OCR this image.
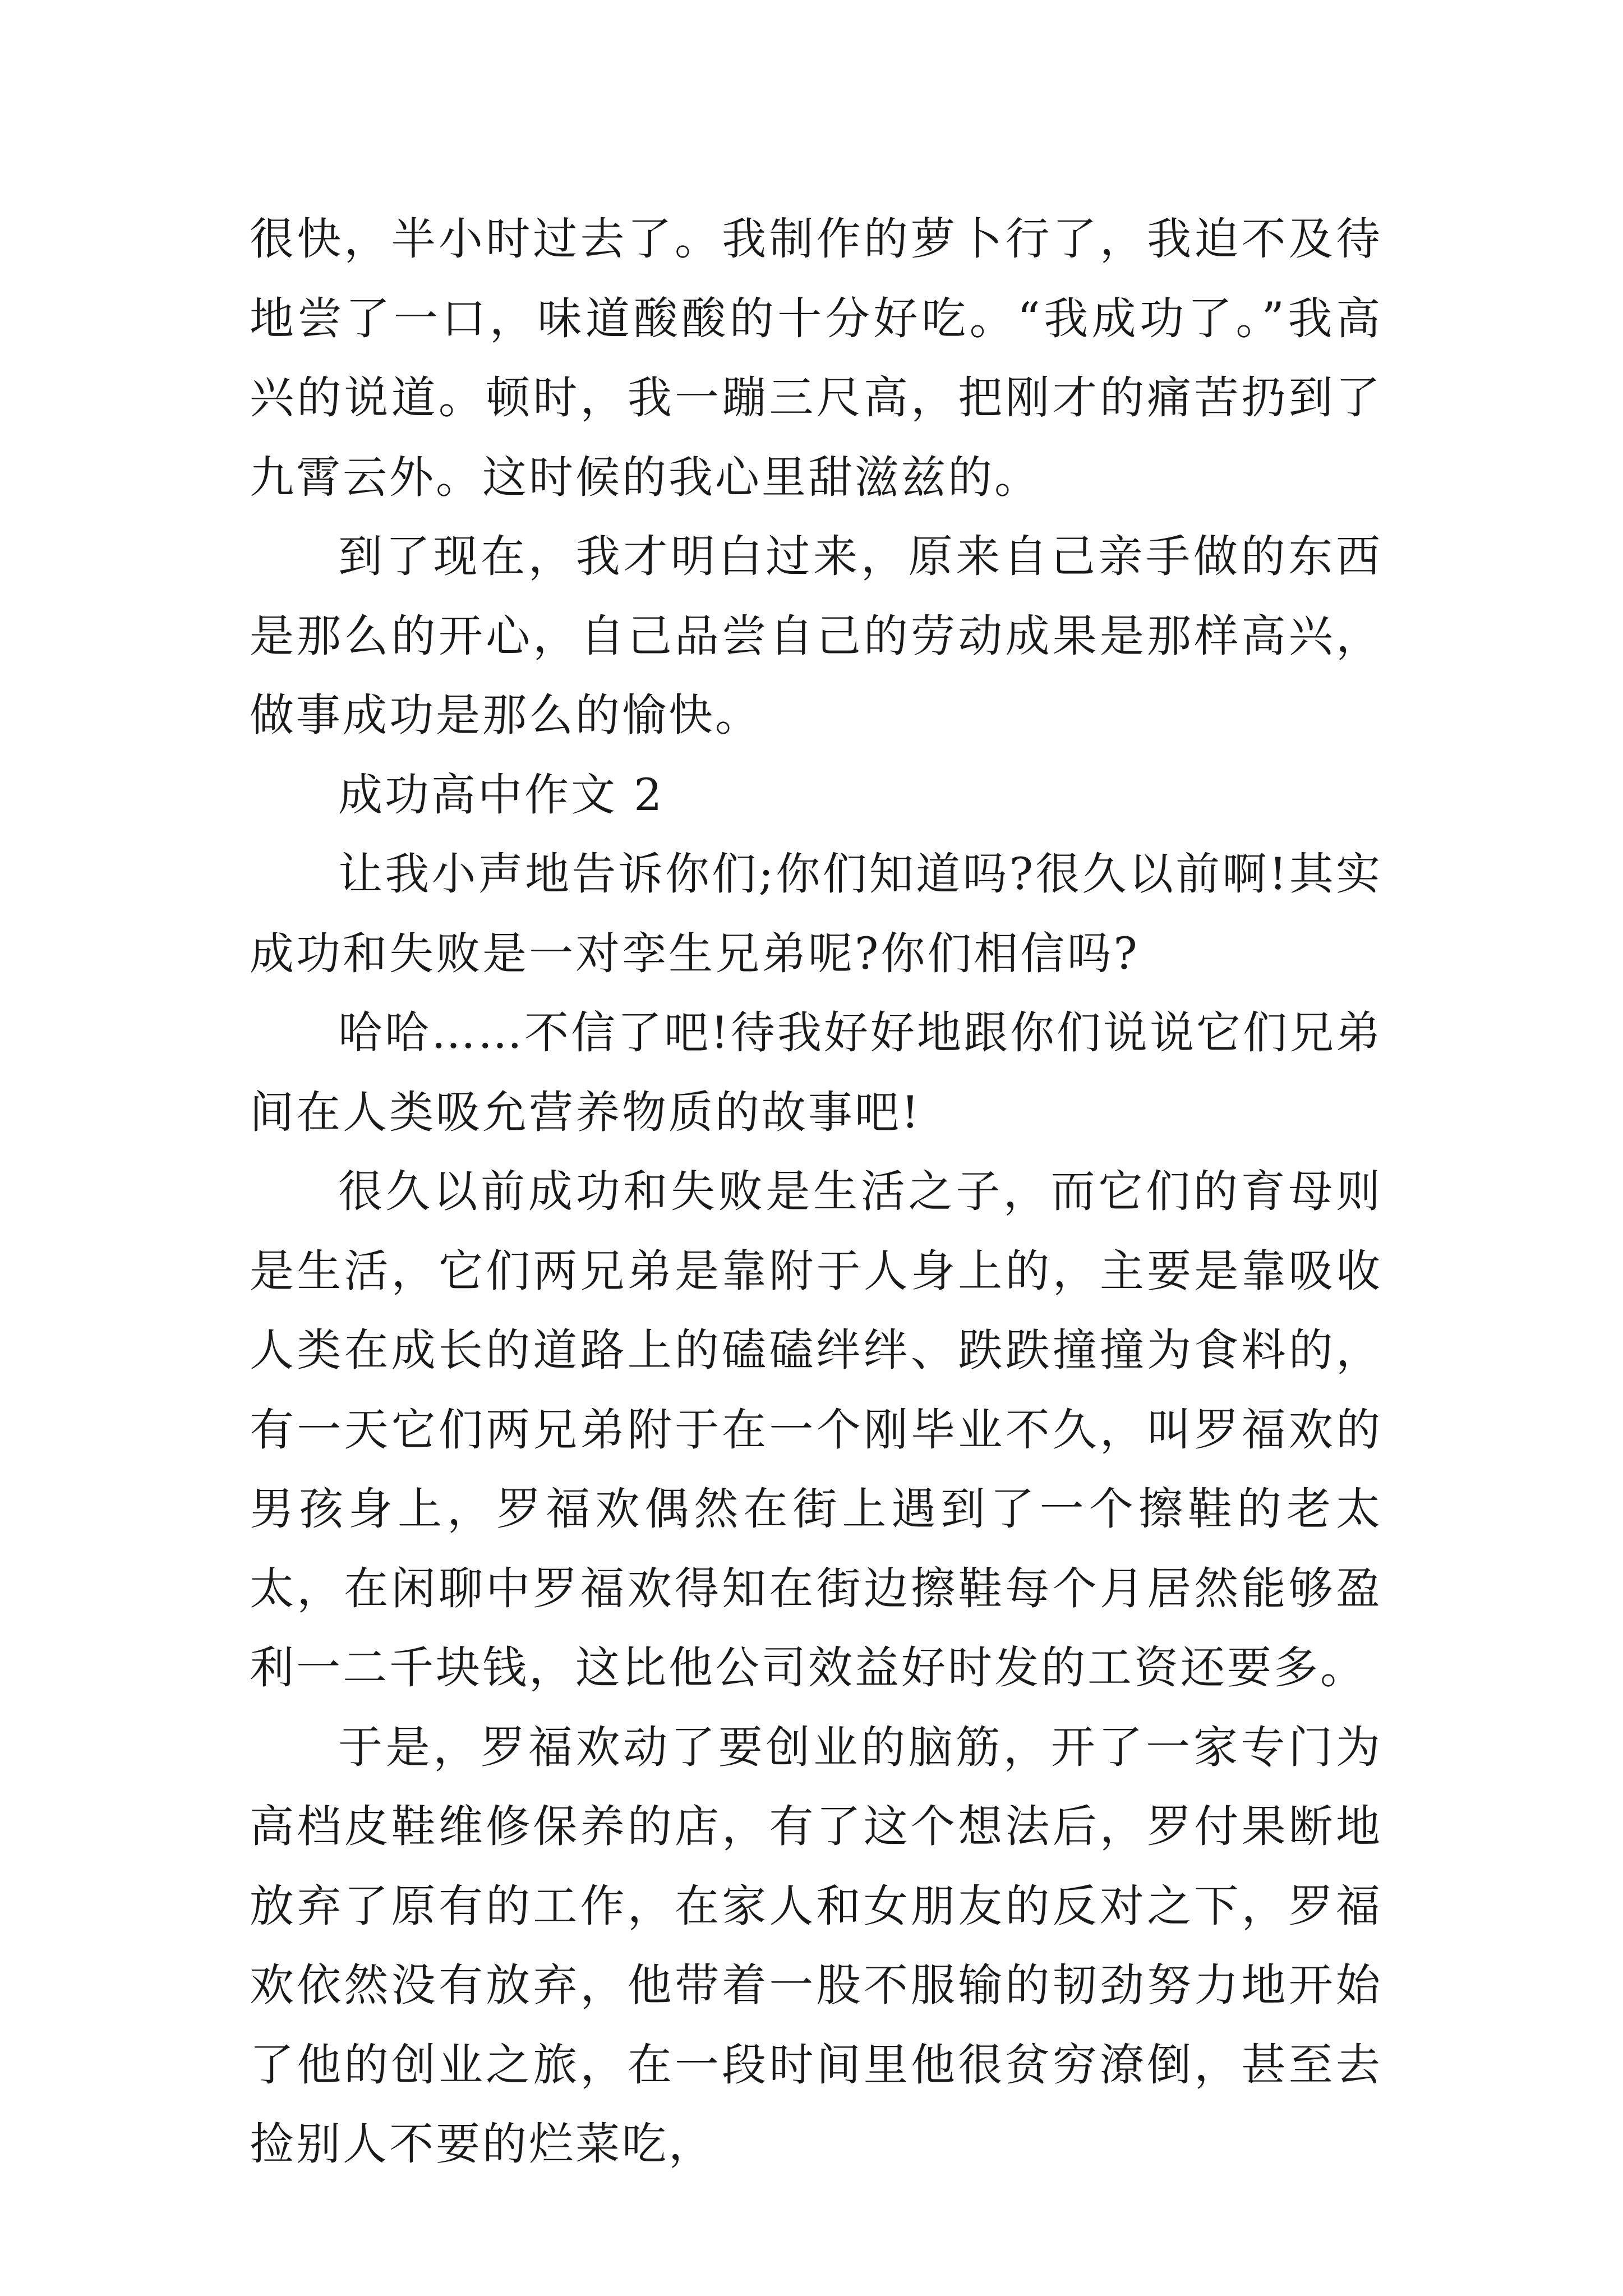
很快，半小时过去了。我制作的萝卜行了，我迫不及待地尝了一口，味道酸酸的十分好吃。“我成功了。”我高兴的说道。顿时，我一蹦三尺高，把刚才的痛苦扔到了九霄云外。这时候的我心里甜滋兹的。

到了现在，我才明白过来，原来自己亲手做的东西是那么的开心，自己品尝自己的劳动成果是那样高兴，做事成功是那么的愉快。

成功高中作文 2

让我小声地告诉你们;你们知道吗?很久以前啊!其实成功和失败是一对孪生兄弟呢?你们相信吗?

哈哈……不信了吧!待我好好地跟你们说说它们兄弟间在人类吸允营养物质的故事吧!

很久以前成功和失败是生活之子，而它们的育母则是生活，它们两兄弟是靠附于人身上的，主要是靠吸收人类在成长的道路上的磕磕绊绊、跌跌撞撞为食料的，有一天它们两兄弟附于在一个刚毕业不久，叫罗福欢的男孩身上，罗福欢偶然在街上遇到了一个擦鞋的老太太，在闲聊中罗福欢得知在街边擦鞋每个月居然能够盈利一二千块钱，这比他公司效益好时发的工资还要多。

于是，罗福欢动了要创业的脑筋，开了一家专门为高档皮鞋维修保养的店，有了这个想法后，罗付果断地放弃了原有的工作，在家人和女朋友的反对之下，罗福欢依然没有放弃，他带着一股不服输的韧劲努力地开始了他的创业之旅，在一段时间里他很贫穷潦倒，甚至去捡别人不要的烂菜吃，
